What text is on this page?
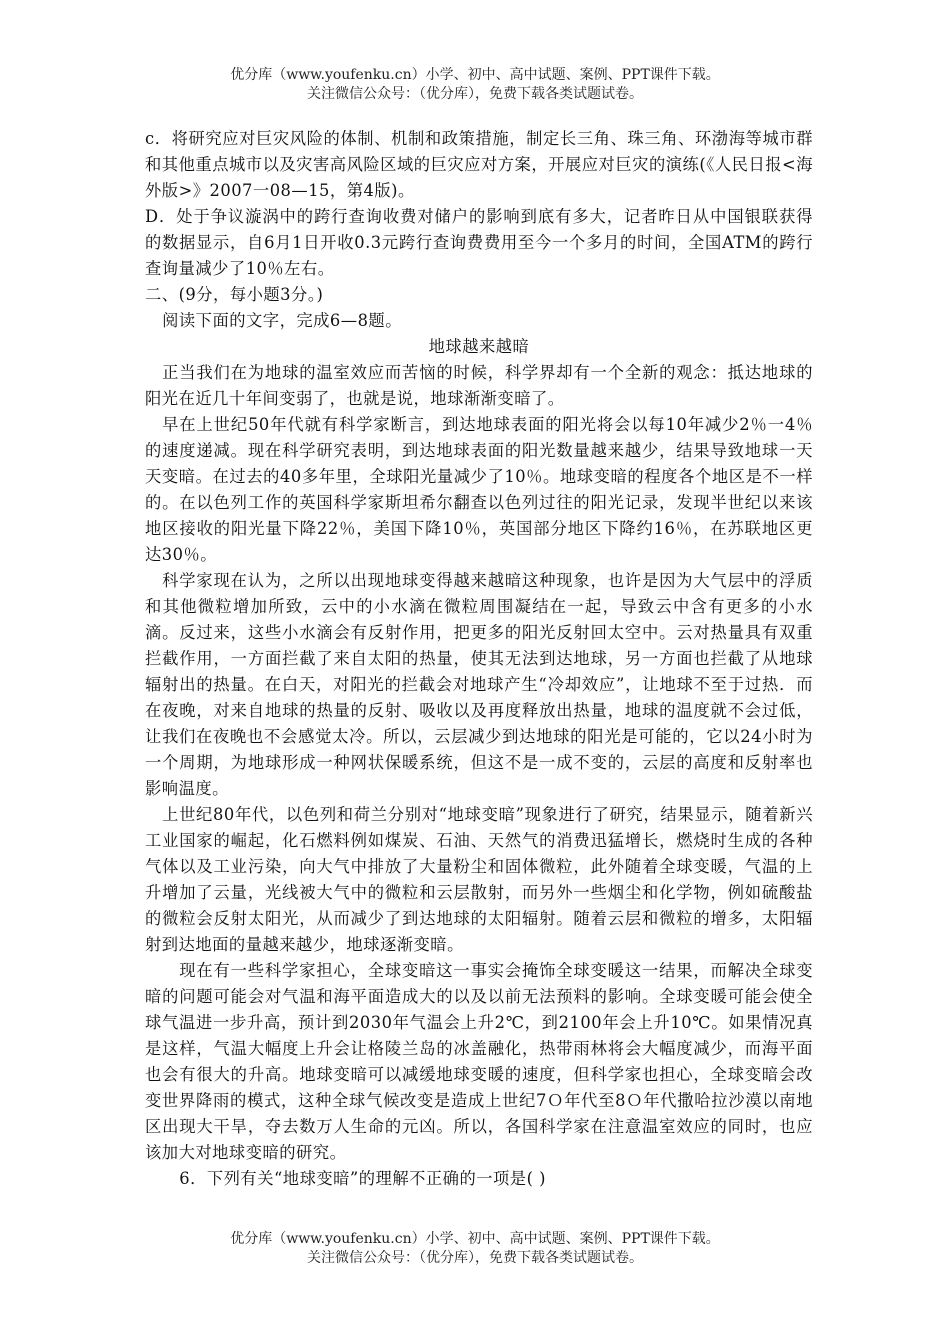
优分库（www.youfenku.cn）小学、初中、高中试题、案例、PPT课件下载。
关注微信公众号：（优分库），免费下载各类试题试卷。

c．将研究应对巨灾风险的体制、机制和政策措施，制定长三角、珠三角、环渤海等城市群和其他重点城市以及灾害高风险区域的巨灾应对方案，开展应对巨灾的演练(《人民日报<海外版>》2007一08—15，第4版)。

D．处于争议漩涡中的跨行查询收费对储户的影响到底有多大，记者昨日从中国银联获得的数据显示，自6月1日开收0.3元跨行查询费费用至今一个多月的时间，全国ATM的跨行查询量减少了10％左右。

二、(9分，每小题3分。)

阅读下面的文字，完成6—8题。

地球越来越暗

正当我们在为地球的温室效应而苦恼的时候，科学界却有一个全新的观念：抵达地球的阳光在近几十年间变弱了，也就是说，地球渐渐变暗了。

早在上世纪50年代就有科学家断言，到达地球表面的阳光将会以每10年减少2％一4％的速度递减。现在科学研究表明，到达地球表面的阳光数量越来越少，结果导致地球一天天变暗。在过去的40多年里，全球阳光量减少了10％。地球变暗的程度各个地区是不一样的。在以色列工作的英国科学家斯坦希尔翻查以色列过往的阳光记录，发现半世纪以来该地区接收的阳光量下降22％，美国下降10％，英国部分地区下降约16％，在苏联地区更达30％。

科学家现在认为，之所以出现地球变得越来越暗这种现象，也许是因为大气层中的浮质和其他微粒增加所致，云中的小水滴在微粒周围凝结在一起，导致云中含有更多的小水滴。反过来，这些小水滴会有反射作用，把更多的阳光反射回太空中。云对热量具有双重拦截作用，一方面拦截了来自太阳的热量，使其无法到达地球，另一方面也拦截了从地球辐射出的热量。在白天，对阳光的拦截会对地球产生“冷却效应”，让地球不至于过热．而在夜晚，对来自地球的热量的反射、吸收以及再度释放出热量，地球的温度就不会过低，让我们在夜晚也不会感觉太冷。所以，云层减少到达地球的阳光是可能的，它以24小时为一个周期，为地球形成一种网状保暖系统，但这不是一成不变的，云层的高度和反射率也影响温度。

上世纪80年代，以色列和荷兰分别对“地球变暗”现象进行了研究，结果显示，随着新兴工业国家的崛起，化石燃料例如煤炭、石油、天然气的消费迅猛增长，燃烧时生成的各种气体以及工业污染，向大气中排放了大量粉尘和固体微粒，此外随着全球变暖，气温的上升增加了云量，光线被大气中的微粒和云层散射，而另外一些烟尘和化学物，例如硫酸盐的微粒会反射太阳光，从而减少了到达地球的太阳辐射。随着云层和微粒的增多，太阳辐射到达地面的量越来越少，地球逐渐变暗。

现在有一些科学家担心，全球变暗这一事实会掩饰全球变暖这一结果，而解决全球变暗的问题可能会对气温和海平面造成大的以及以前无法预料的影响。全球变暖可能会使全球气温进一步升高，预计到2030年气温会上升2℃，到2100年会上升10℃。如果情况真是这样，气温大幅度上升会让格陵兰岛的冰盖融化，热带雨林将会大幅度减少，而海平面也会有很大的升高。地球变暗可以减缓地球变暖的速度，但科学家也担心，全球变暗会改变世界降雨的模式，这种全球气候改变是造成上世纪7Ｏ年代至8Ｏ年代撒哈拉沙漠以南地区出现大干旱，夺去数万人生命的元凶。所以，各国科学家在注意温室效应的同时，也应该加大对地球变暗的研究。

6．下列有关“地球变暗”的理解不正确的一项是( )

优分库（www.youfenku.cn）小学、初中、高中试题、案例、PPT课件下载。
关注微信公众号：（优分库），免费下载各类试题试卷。
